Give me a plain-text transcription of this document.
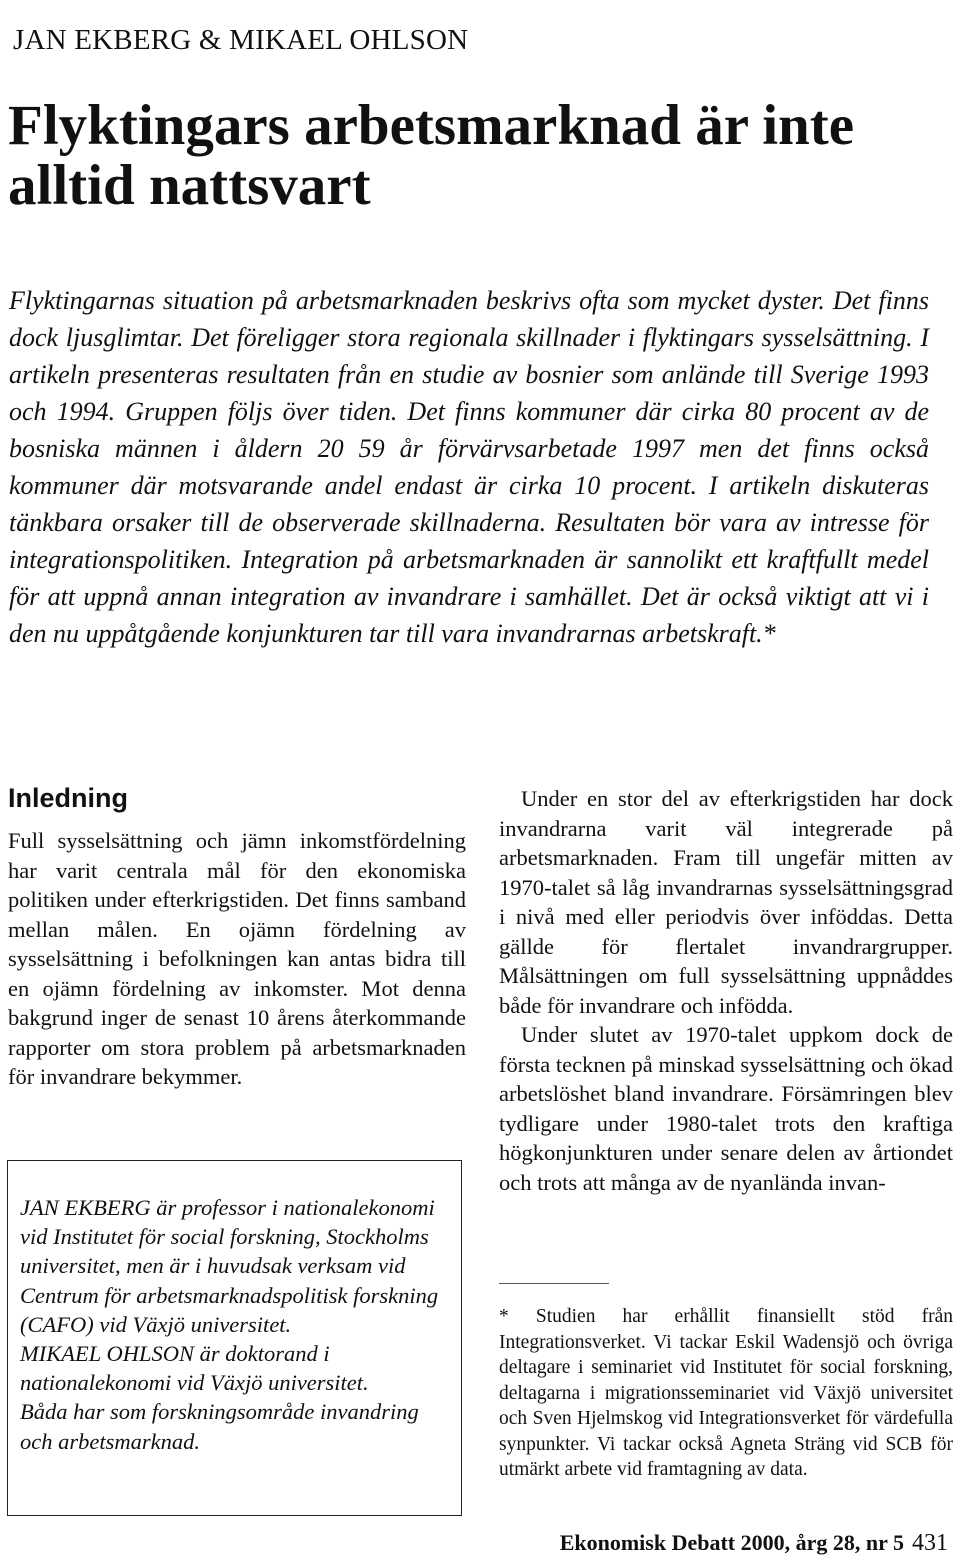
JAN EKBERG & MIKAEL OHLSON
Flyktingars arbetsmarknad är inte alltid nattsvart

Flyktingarnas situation på arbetsmarknaden beskrivs ofta som mycket dyster. Det finns dock ljusglimtar. Det föreligger stora regionala skillnader i flyktingars sysselsättning. I artikeln presenteras resultaten från en studie av bosnier som anlände till Sverige 1993 och 1994. Gruppen följs över tiden. Det finns kommuner där cirka 80 procent av de bosniska männen i åldern 20 59 år förvärvsarbetade 1997 men det finns också kommuner där motsvarande andel endast är cirka 10 procent. I artikeln diskuteras tänkbara orsaker till de observerade skillnaderna. Resultaten bör vara av intresse för integrationspolitiken. Integration på arbetsmarknaden är sannolikt ett kraftfullt medel för att uppnå annan integration av invandrare i samhället. Det är också viktigt att vi i den nu uppåtgående konjunkturen tar till vara invandrarnas arbetskraft.*

Inledning

Full sysselsättning och jämn inkomstfördelning har varit centrala mål för den ekonomiska politiken under efterkrigstiden. Det finns samband mellan målen. En ojämn fördelning av sysselsättning i befolkningen kan antas bidra till en ojämn fördelning av inkomster. Mot denna bakgrund inger de senast 10 årens återkommande rapporter om stora problem på arbetsmarknaden för invandrare bekymmer.

JAN EKBERG är professor i nationalekonomi vid Institutet för social forskning, Stockholms universitet, men är i huvudsak verksam vid Centrum för arbetsmarknadspolitisk forskning (CAFO) vid Växjö universitet.

MIKAEL OHLSON är doktorand i nationalekonomi vid Växjö universitet.

Båda har som forskningsområde invandring och arbetsmarknad.

Under en stor del av efterkrigstiden har dock invandrarna varit väl integrerade på arbetsmarknaden. Fram till ungefär mitten av 1970-talet så låg invandrarnas sysselsättningsgrad i nivå med eller periodvis över inföddas. Detta gällde för flertalet invandrargrupper. Målsättningen om full sysselsättning uppnåddes både för invandrare och infödda.

Under slutet av 1970-talet uppkom dock de första tecknen på minskad sysselsättning och ökad arbetslöshet bland invandrare. Försämringen blev tydligare under 1980-talet trots den kraftiga högkonjunkturen under senare delen av årtiondet och trots att många av de nyanlända invan-

* Studien har erhållit finansiellt stöd från Integrationsverket. Vi tackar Eskil Wadensjö och övriga deltagare i seminariet vid Institutet för social forskning, deltagarna i migrationsseminariet vid Växjö universitet och Sven Hjelmskog vid Integrationsverket för värdefulla synpunkter. Vi tackar också Agneta Sträng vid SCB för utmärkt arbete vid framtagning av data.

Ekonomisk Debatt 2000, årg 28, nr 5 431
